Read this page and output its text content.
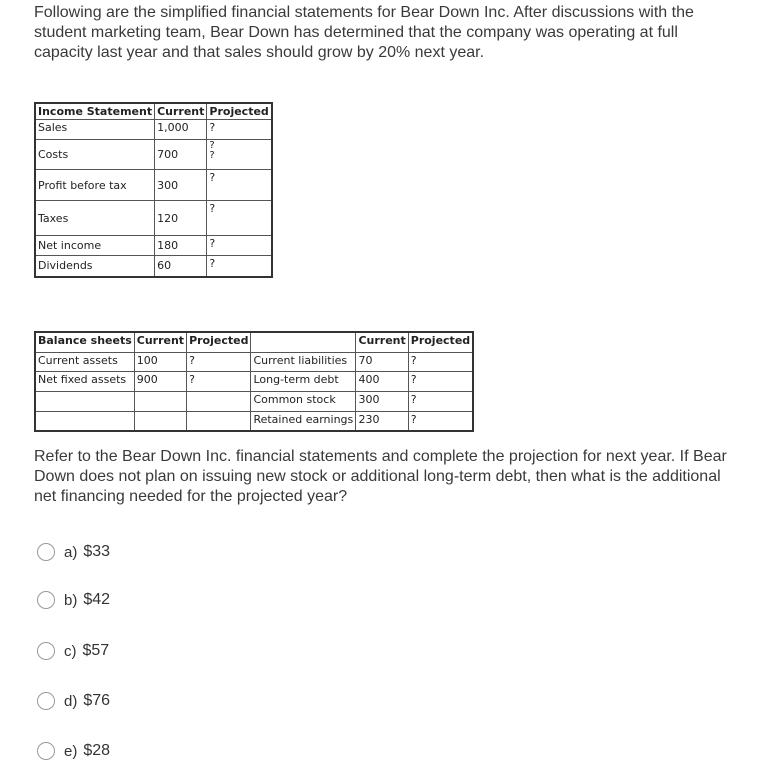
Following are the simplified financial statements for Bear Down Inc. After discussions with the student marketing team, Bear Down has determined that the company was operating at full capacity last year and that sales should grow by 20% next year.
Income Statement	Current	Projected
Sales	1,000	?
Costs	700	?
?
Profit before tax	300	?
Taxes	120	?
Net income	180	?
Dividends	60	?
Balance sheets	Current	Projected		Current	Projected
Current assets	100	?	Current liabilities	70	?
Net fixed assets	900	?	Long-term debt	400	?
			Common stock	300	?
			Retained earnings	230	?
Refer to the Bear Down Inc. financial statements and complete the projection for next year. If Bear Down does not plan on issuing new stock or additional long-term debt, then what is the additional net financing needed for the projected year?
a) $33
b) $42
c) $57
d) $76
e) $28
